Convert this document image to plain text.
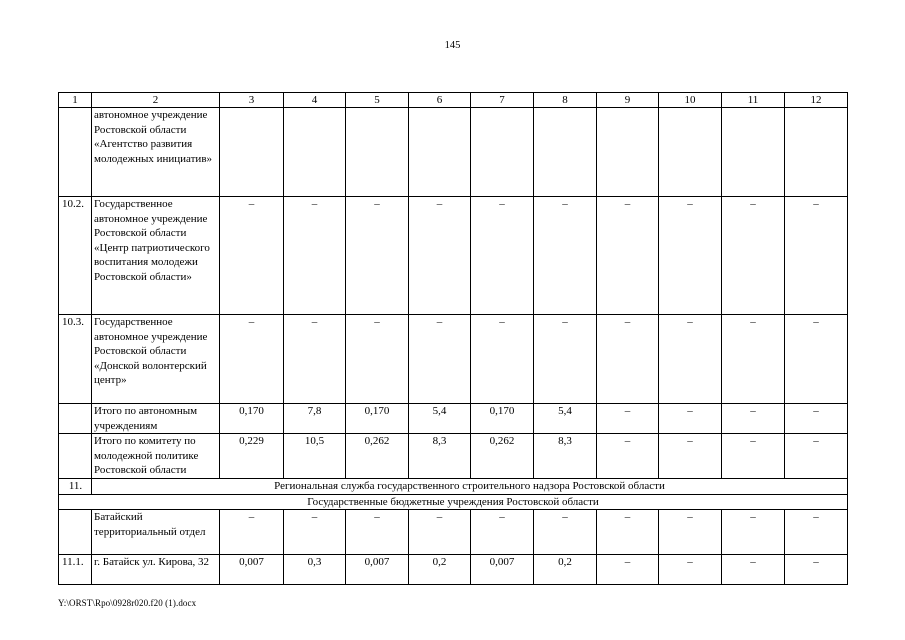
145
1	2	3	4	5	6	7	8	9	10	11	12
	автономное учреждение Ростовской области «Агентство развития молодежных инициатив»										
10.2.	Государственное автономное учреждение Ростовской области «Центр патриотического воспитания молодежи Ростовской области»	–	–	–	–	–	–	–	–	–	–
10.3.	Государственное автономное учреждение Ростовской области «Донской волонтерский центр»	–	–	–	–	–	–	–	–	–	–
	Итого по автономным учреждениям	0,170	7,8	0,170	5,4	0,170	5,4	–	–	–	–
	Итого по комитету по молодежной политике Ростовской области	0,229	10,5	0,262	8,3	0,262	8,3	–	–	–	–
11.	Региональная служба государственного строительного надзора Ростовской области										
Государственные бюджетные учреждения Ростовской области											
	Батайский территориальный отдел	–	–	–	–	–	–	–	–	–	–
11.1.	г. Батайск ул. Кирова, 32	0,007	0,3	0,007	0,2	0,007	0,2	–	–	–	–
Y:\ORST\Rpo\0928r020.f20 (1).docx
